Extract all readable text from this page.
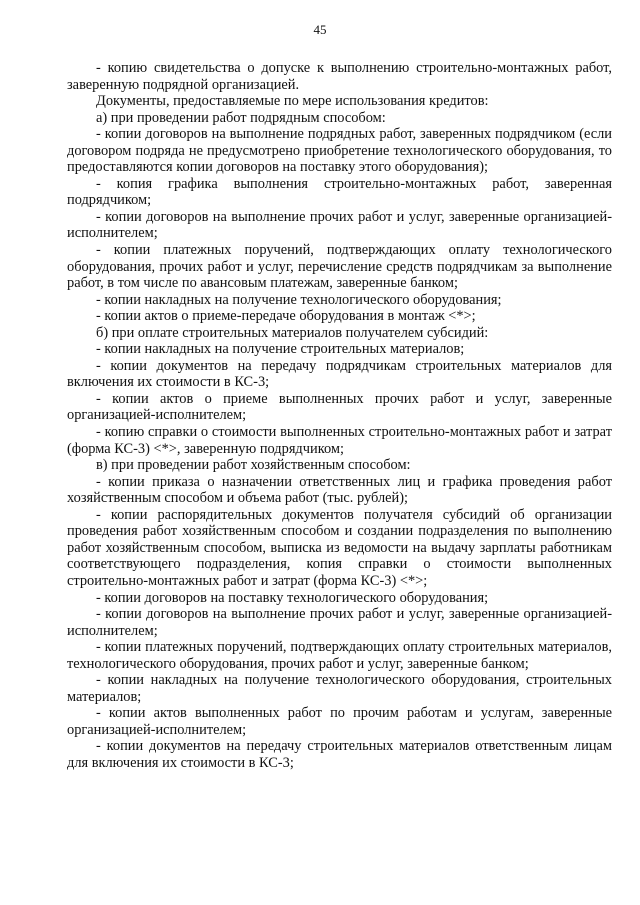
45

- копию свидетельства о допуске к выполнению строительно-монтажных работ, заверенную подрядной организацией.

Документы, предоставляемые по мере использования кредитов:

а) при проведении работ подрядным способом:

- копии договоров на выполнение подрядных работ, заверенных подрядчиком (если договором подряда не предусмотрено приобретение технологического оборудования, то предоставляются копии договоров на поставку этого оборудования);

- копия графика выполнения строительно-монтажных работ, заверенная подрядчиком;

- копии договоров на выполнение прочих работ и услуг, заверенные организацией-исполнителем;

- копии платежных поручений, подтверждающих оплату технологического оборудования, прочих работ и услуг, перечисление средств подрядчикам за выполнение работ, в том числе по авансовым платежам, заверенные банком;

- копии накладных на получение технологического оборудования;

- копии актов о приеме-передаче оборудования в монтаж <*>;

б) при оплате строительных материалов получателем субсидий:

- копии накладных на получение строительных материалов;

- копии документов на передачу подрядчикам строительных материалов для включения их стоимости в КС-3;

- копии актов о приеме выполненных прочих работ и услуг, заверенные организацией-исполнителем;

- копию справки о стоимости выполненных строительно-монтажных работ и затрат (форма КС-3) <*>, заверенную подрядчиком;

в) при проведении работ хозяйственным способом:

- копии приказа о назначении ответственных лиц и графика проведения работ хозяйственным способом и объема работ (тыс. рублей);

- копии распорядительных документов получателя субсидий об организации проведения работ хозяйственным способом и создании подразделения по выполнению работ хозяйственным способом, выписка из ведомости на выдачу зарплаты работникам соответствующего подразделения, копия справки о стоимости выполненных строительно-монтажных работ и затрат (форма КС-3) <*>;

- копии договоров на поставку технологического оборудования;

- копии договоров на выполнение прочих работ и услуг, заверенные организацией-исполнителем;

- копии платежных поручений, подтверждающих оплату строительных материалов, технологического оборудования, прочих работ и услуг, заверенные банком;

- копии накладных на получение технологического оборудования, строительных материалов;

- копии актов выполненных работ по прочим работам и услугам, заверенные организацией-исполнителем;

- копии документов на передачу строительных материалов ответственным лицам для включения их стоимости в КС-3;
